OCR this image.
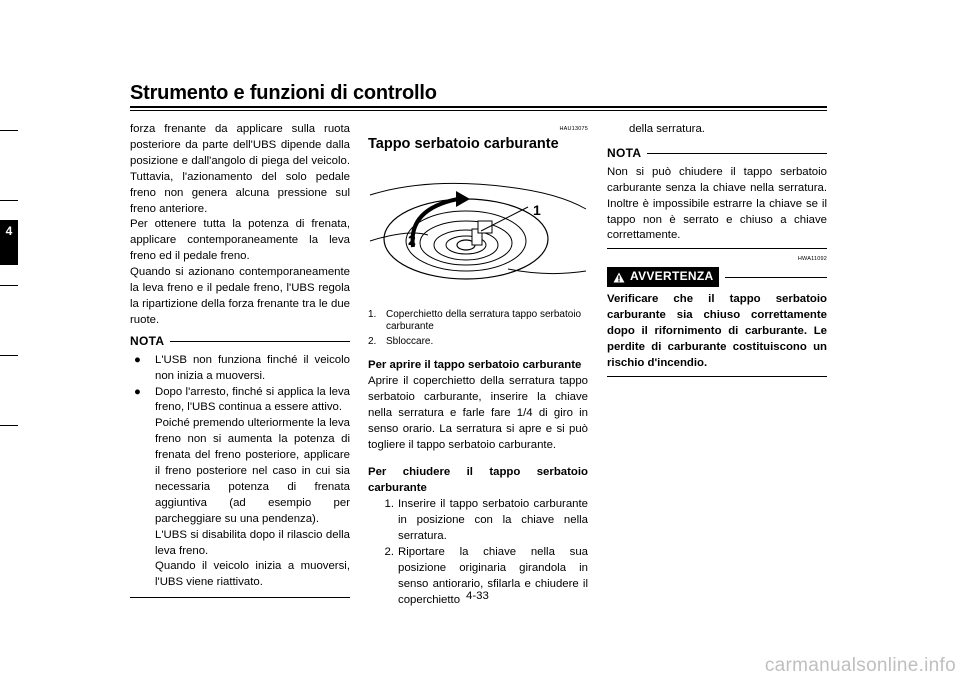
Strumento e funzioni di controllo
4

forza frenante da applicare sulla ruota posteriore da parte dell'UBS dipende dalla posizione e dall'angolo di piega del veicolo. Tuttavia, l'azionamento del solo pedale freno non genera alcuna pressione sul freno anteriore.

Per ottenere tutta la potenza di frenata, applicare contemporaneamente la leva freno ed il pedale freno.

Quando si azionano contemporaneamente la leva freno e il pedale freno, l'UBS regola la ripartizione della forza frenante tra le due ruote.

NOTA
●	L'USB non funziona finché il veicolo non inizia a muoversi.
●	Dopo l'arresto, finché si applica la leva freno, l'UBS continua a essere attivo.
Poiché premendo ulteriormente la leva freno non si aumenta la potenza di frenata del freno posteriore, applicare il freno posteriore nel caso in cui sia necessaria potenza di frenata aggiuntiva (ad esempio per parcheggiare su una pendenza).
L'UBS si disabilita dopo il rilascio della leva freno.
Quando il veicolo inizia a muoversi, l'UBS viene riattivato.
HAU13075
Tappo serbatoio carburante
1
2
1. Coperchietto della serratura tappo serbatoio carburante
2. Sbloccare.

Per aprire il tappo serbatoio carburante

Aprire il coperchietto della serratura tappo serbatoio carburante, inserire la chiave nella serratura e farle fare 1/4 di giro in senso orario. La serratura si apre e si può togliere il tappo serbatoio carburante.

Per chiudere il tappo serbatoio carburante

1. Inserire il tappo serbatoio carburante in posizione con la chiave nella serratura.
2. Riportare la chiave nella sua posizione originaria girandola in senso antiorario, sfilarla e chiudere il coperchietto

della serratura.

NOTA

Non si può chiudere il tappo serbatoio carburante senza la chiave nella serratura. Inoltre è impossibile estrarre la chiave se il tappo non è serrato e chiuso a chiave correttamente.

HWA11092
AVVERTENZA

Verificare che il tappo serbatoio carburante sia chiuso correttamente dopo il rifornimento di carburante. Le perdite di carburante costituiscono un rischio d'incendio.

4-33
carmanualsonline.info
